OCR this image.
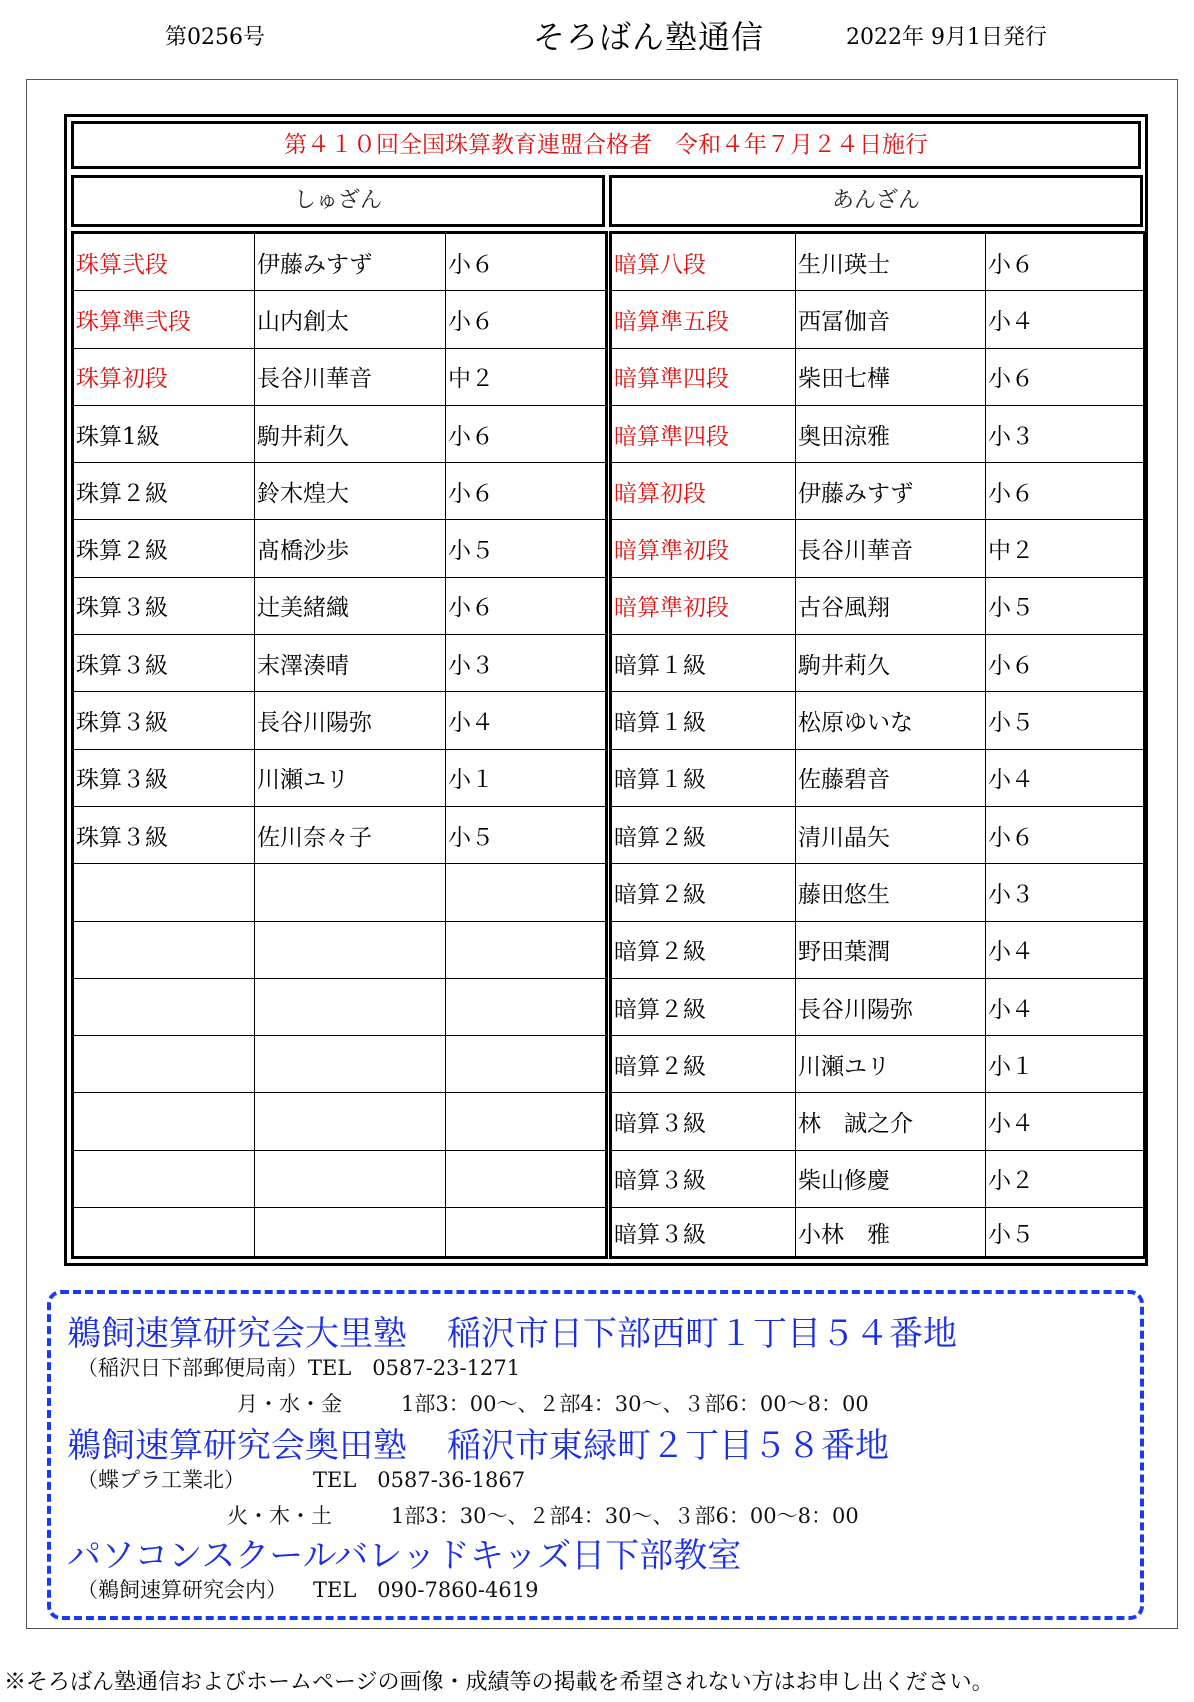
第0256号	そろばん塾通信	2022年 9月1日発行
第４１０回全国珠算教育連盟合格者　令和４年７月２４日施行
しゅざん	あんざん
珠算弐段	伊藤みすず	小６
珠算準弐段	山内創太	小６
珠算初段	長谷川華音	中２
珠算1級	駒井莉久	小６
珠算２級	鈴木煌大	小６
珠算２級	髙橋沙歩	小５
珠算３級	辻美緒織	小６
珠算３級	末澤湊晴	小３
珠算３級	長谷川陽弥	小４
珠算３級	川瀬ユリ	小１
珠算３級	佐川奈々子	小５

暗算八段	生川瑛士	小６
暗算準五段	西冨伽音	小４
暗算準四段	柴田七樺	小６
暗算準四段	奥田涼雅	小３
暗算初段	伊藤みすず	小６
暗算準初段	長谷川華音	中２
暗算準初段	古谷風翔	小５
暗算１級	駒井莉久	小６
暗算１級	松原ゆいな	小５
暗算１級	佐藤碧音	小４
暗算２級	清川晶矢	小６
暗算２級	藤田悠生	小３
暗算２級	野田葉潤	小４
暗算２級	長谷川陽弥	小４
暗算２級	川瀬ユリ	小１
暗算３級	林　誠之介	小４
暗算３級	柴山修慶	小２
暗算３級	小林　雅	小５
鵜飼速算研究会大里塾 稲沢市日下部西町１丁目５４番地
（稲沢日下部郵便局南）TEL　0587-23-1271
月・水・金	1部3：00〜、２部4：30〜、３部6：00〜8：00
鵜飼速算研究会奥田塾 稲沢市東緑町２丁目５８番地
（蝶プラ工業北）	TEL　0587-36-1867
火・木・土	1部3：30〜、２部4：30〜、３部6：00〜8：00
パソコンスクールバレッドキッズ日下部教室
（鵜飼速算研究会内） TEL　090-7860-4619
※そろばん塾通信およびホームページの画像・成績等の掲載を希望されない方はお申し出ください。
